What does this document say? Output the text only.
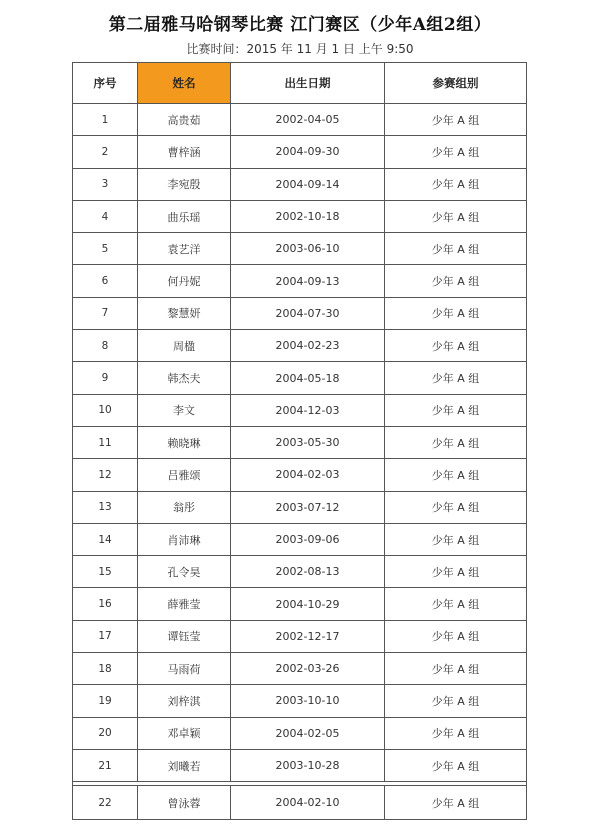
第二届雅马哈钢琴比赛 江门赛区（少年A组2组）
比赛时间：2015 年 11 月 1 日 上午 9:50
序号	姓名	出生日期	参赛组别
1	高贵茹	2002-04-05	少年 A 组
2	曹梓涵	2004-09-30	少年 A 组
3	李宛殷	2004-09-14	少年 A 组
4	曲乐瑶	2002-10-18	少年 A 组
5	袁艺洋	2003-06-10	少年 A 组
6	何丹妮	2004-09-13	少年 A 组
7	黎慧妍	2004-07-30	少年 A 组
8	周楹	2004-02-23	少年 A 组
9	韩杰夫	2004-05-18	少年 A 组
10	李文	2004-12-03	少年 A 组
11	赖晓琳	2003-05-30	少年 A 组
12	吕雅颂	2004-02-03	少年 A 组
13	翁彤	2003-07-12	少年 A 组
14	肖沛琳	2003-09-06	少年 A 组
15	孔令昊	2002-08-13	少年 A 组
16	薛雅莹	2004-10-29	少年 A 组
17	谭钰莹	2002-12-17	少年 A 组
18	马雨荷	2002-03-26	少年 A 组
19	刘梓淇	2003-10-10	少年 A 组
20	邓卓颖	2004-02-05	少年 A 组
21	刘曦若	2003-10-28	少年 A 组

22	曾泳蓉	2004-02-10	少年 A 组
